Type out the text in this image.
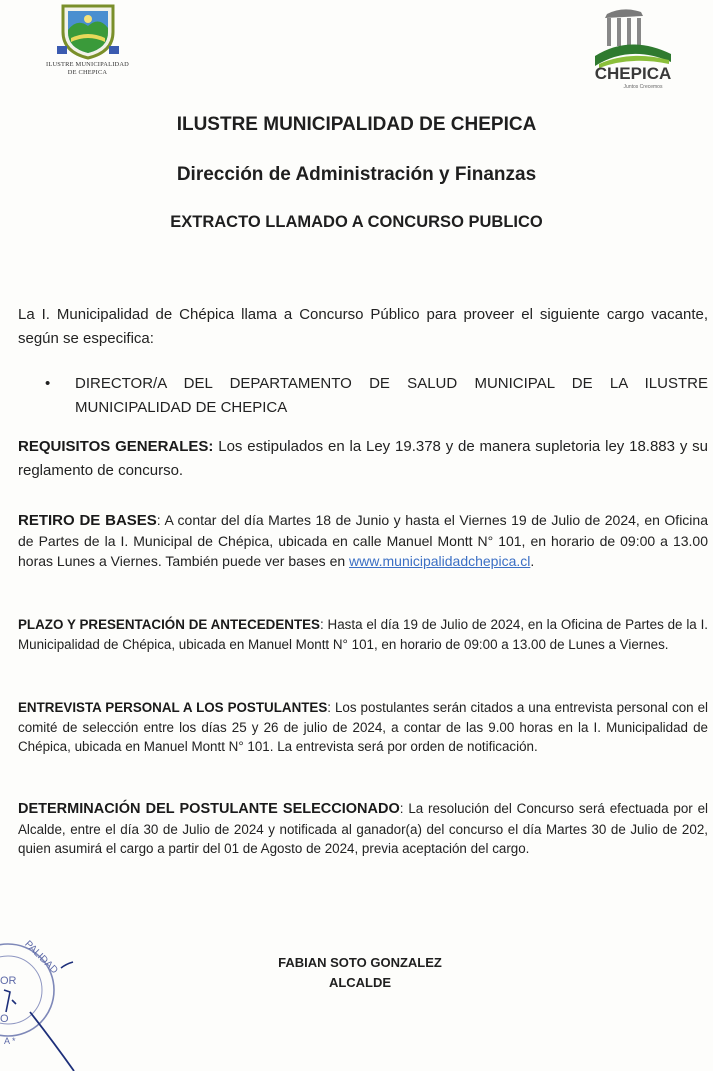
ILUSTRE MUNICIPALIDAD
DE CHEPICA	CHEPICA
Juntos Crecemos
ILUSTRE MUNICIPALIDAD DE CHEPICA
Dirección de Administración y Finanzas
EXTRACTO LLAMADO A CONCURSO PUBLICO
La I. Municipalidad de Chépica llama a Concurso Público para proveer el siguiente cargo vacante, según se especifica:
• DIRECTOR/A DEL DEPARTAMENTO DE SALUD MUNICIPAL DE LA ILUSTRE MUNICIPALIDAD DE CHEPICA
REQUISITOS GENERALES: Los estipulados en la Ley 19.378 y de manera supletoria ley 18.883 y su reglamento de concurso.
RETIRO DE BASES: A contar del día Martes 18 de Junio y hasta el Viernes 19 de Julio de 2024, en Oficina de Partes de la I. Municipal de Chépica, ubicada en calle Manuel Montt N° 101, en horario de 09:00 a 13.00 horas Lunes a Viernes. También puede ver bases en www.municipalidadchepica.cl.
PLAZO Y PRESENTACIÓN DE ANTECEDENTES: Hasta el día 19 de Julio de 2024, en la Oficina de Partes de la I. Municipalidad de Chépica, ubicada en Manuel Montt N° 101, en horario de 09:00 a 13.00 de Lunes a Viernes.
ENTREVISTA PERSONAL A LOS POSTULANTES: Los postulantes serán citados a una entrevista personal con el comité de selección entre los días 25 y 26 de julio de 2024, a contar de las 9.00 horas en la I. Municipalidad de Chépica, ubicada en Manuel Montt N° 101. La entrevista será por orden de notificación.
DETERMINACIÓN DEL POSTULANTE SELECCIONADO: La resolución del Concurso será efectuada por el Alcalde, entre el día 30 de Julio de 2024 y notificada al ganador(a) del concurso el día Martes 30 de Julio de 202, quien asumirá el cargo a partir del 01 de Agosto de 2024, previa aceptación del cargo.
PALIDAD
OR
O
A *
FABIAN SOTO GONZALEZ
ALCALDE
